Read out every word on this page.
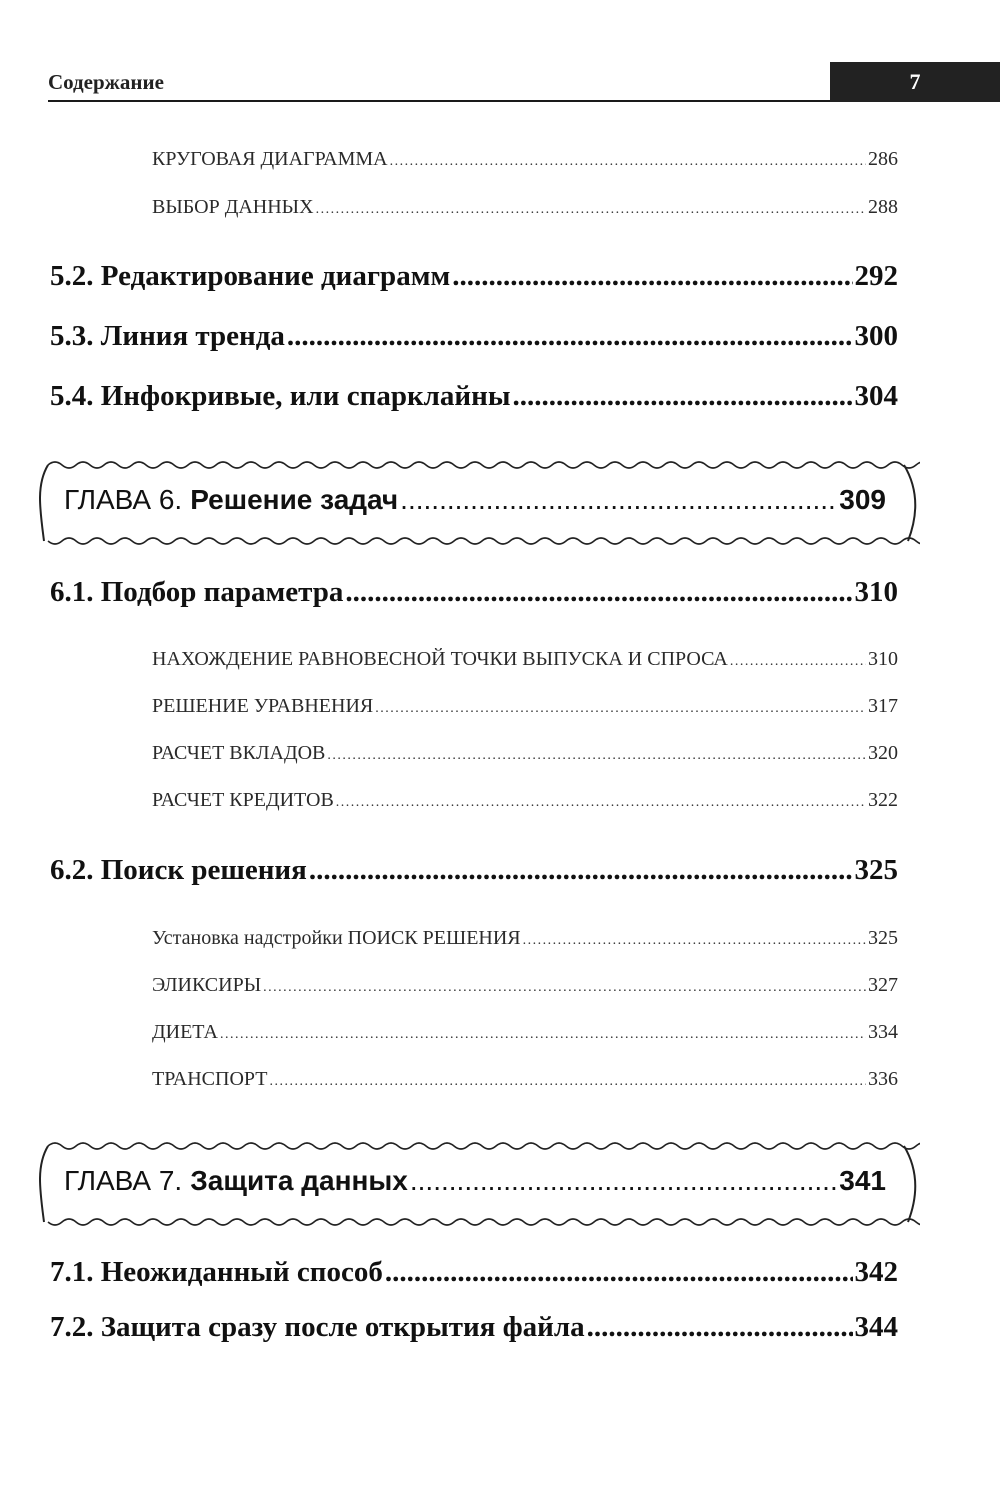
Содержание	7
КРУГОВАЯ ДИАГРАММА .....	286
ВЫБОР ДАННЫХ .....	288
5.2. Редактирование диаграмм .....	292
5.3. Линия тренда .....	300
5.4. Инфокривые, или спарклайны .....	304
ГЛАВА 6. Решение задач .....	309
6.1. Подбор параметра .....	310
НАХОЖДЕНИЕ РАВНОВЕСНОЙ ТОЧКИ ВЫПУСКА И СПРОСА .....	310
РЕШЕНИЕ УРАВНЕНИЯ .....	317
РАСЧЕТ ВКЛАДОВ .....	320
РАСЧЕТ КРЕДИТОВ .....	322
6.2. Поиск решения .....	325
Установка надстройки ПОИСК РЕШЕНИЯ .....	325
ЭЛИКСИРЫ .....	327
ДИЕТА .....	334
ТРАНСПОРТ .....	336
ГЛАВА 7. Защита данных .....	341
7.1. Неожиданный способ .....	342
7.2. Защита сразу после открытия файла .....	344
